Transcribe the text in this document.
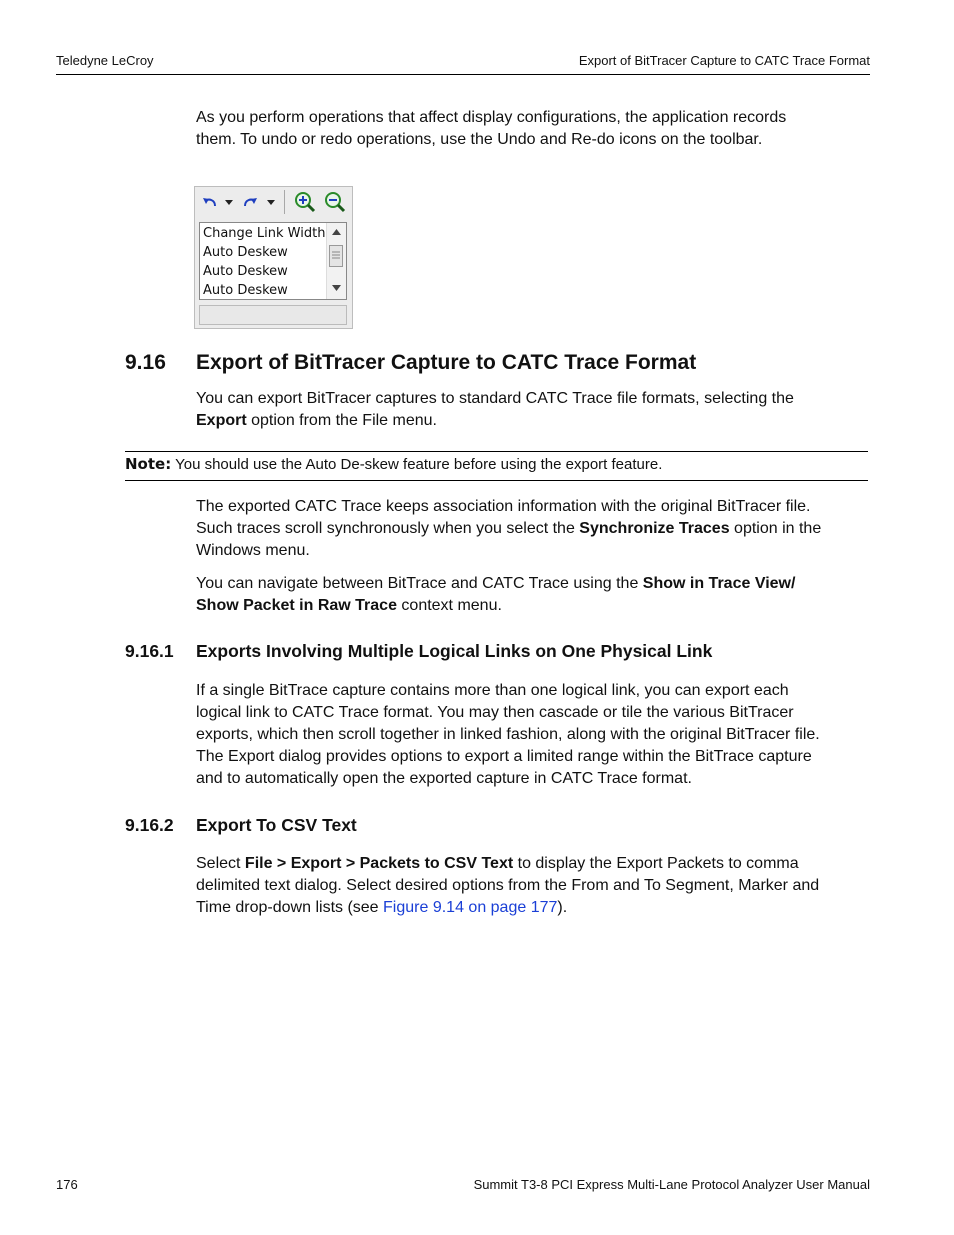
Teledyne LeCroy	Export of BitTracer Capture to CATC Trace Format
As you perform operations that affect display configurations, the application records
them. To undo or redo operations, use the Undo and Re-do icons on the toolbar.
Change Link Width
Auto Deskew
Auto Deskew
Auto Deskew
9.16 Export of BitTracer Capture to CATC Trace Format
You can export BitTracer captures to standard CATC Trace file formats, selecting the
Export option from the File menu.
Note: You should use the Auto De-skew feature before using the export feature.
The exported CATC Trace keeps association information with the original BitTracer file.
Such traces scroll synchronously when you select the Synchronize Traces option in the
Windows menu.
You can navigate between BitTrace and CATC Trace using the Show in Trace View/
Show Packet in Raw Trace context menu.
9.16.1 Exports Involving Multiple Logical Links on One Physical Link
If a single BitTrace capture contains more than one logical link, you can export each
logical link to CATC Trace format. You may then cascade or tile the various BitTracer
exports, which then scroll together in linked fashion, along with the original BitTracer file.
The Export dialog provides options to export a limited range within the BitTrace capture
and to automatically open the exported capture in CATC Trace format.
9.16.2 Export To CSV Text
Select File > Export > Packets to CSV Text to display the Export Packets to comma
delimited text dialog. Select desired options from the From and To Segment, Marker and
Time drop-down lists (see Figure 9.14 on page 177).
176	Summit T3-8 PCI Express Multi-Lane Protocol Analyzer User Manual
